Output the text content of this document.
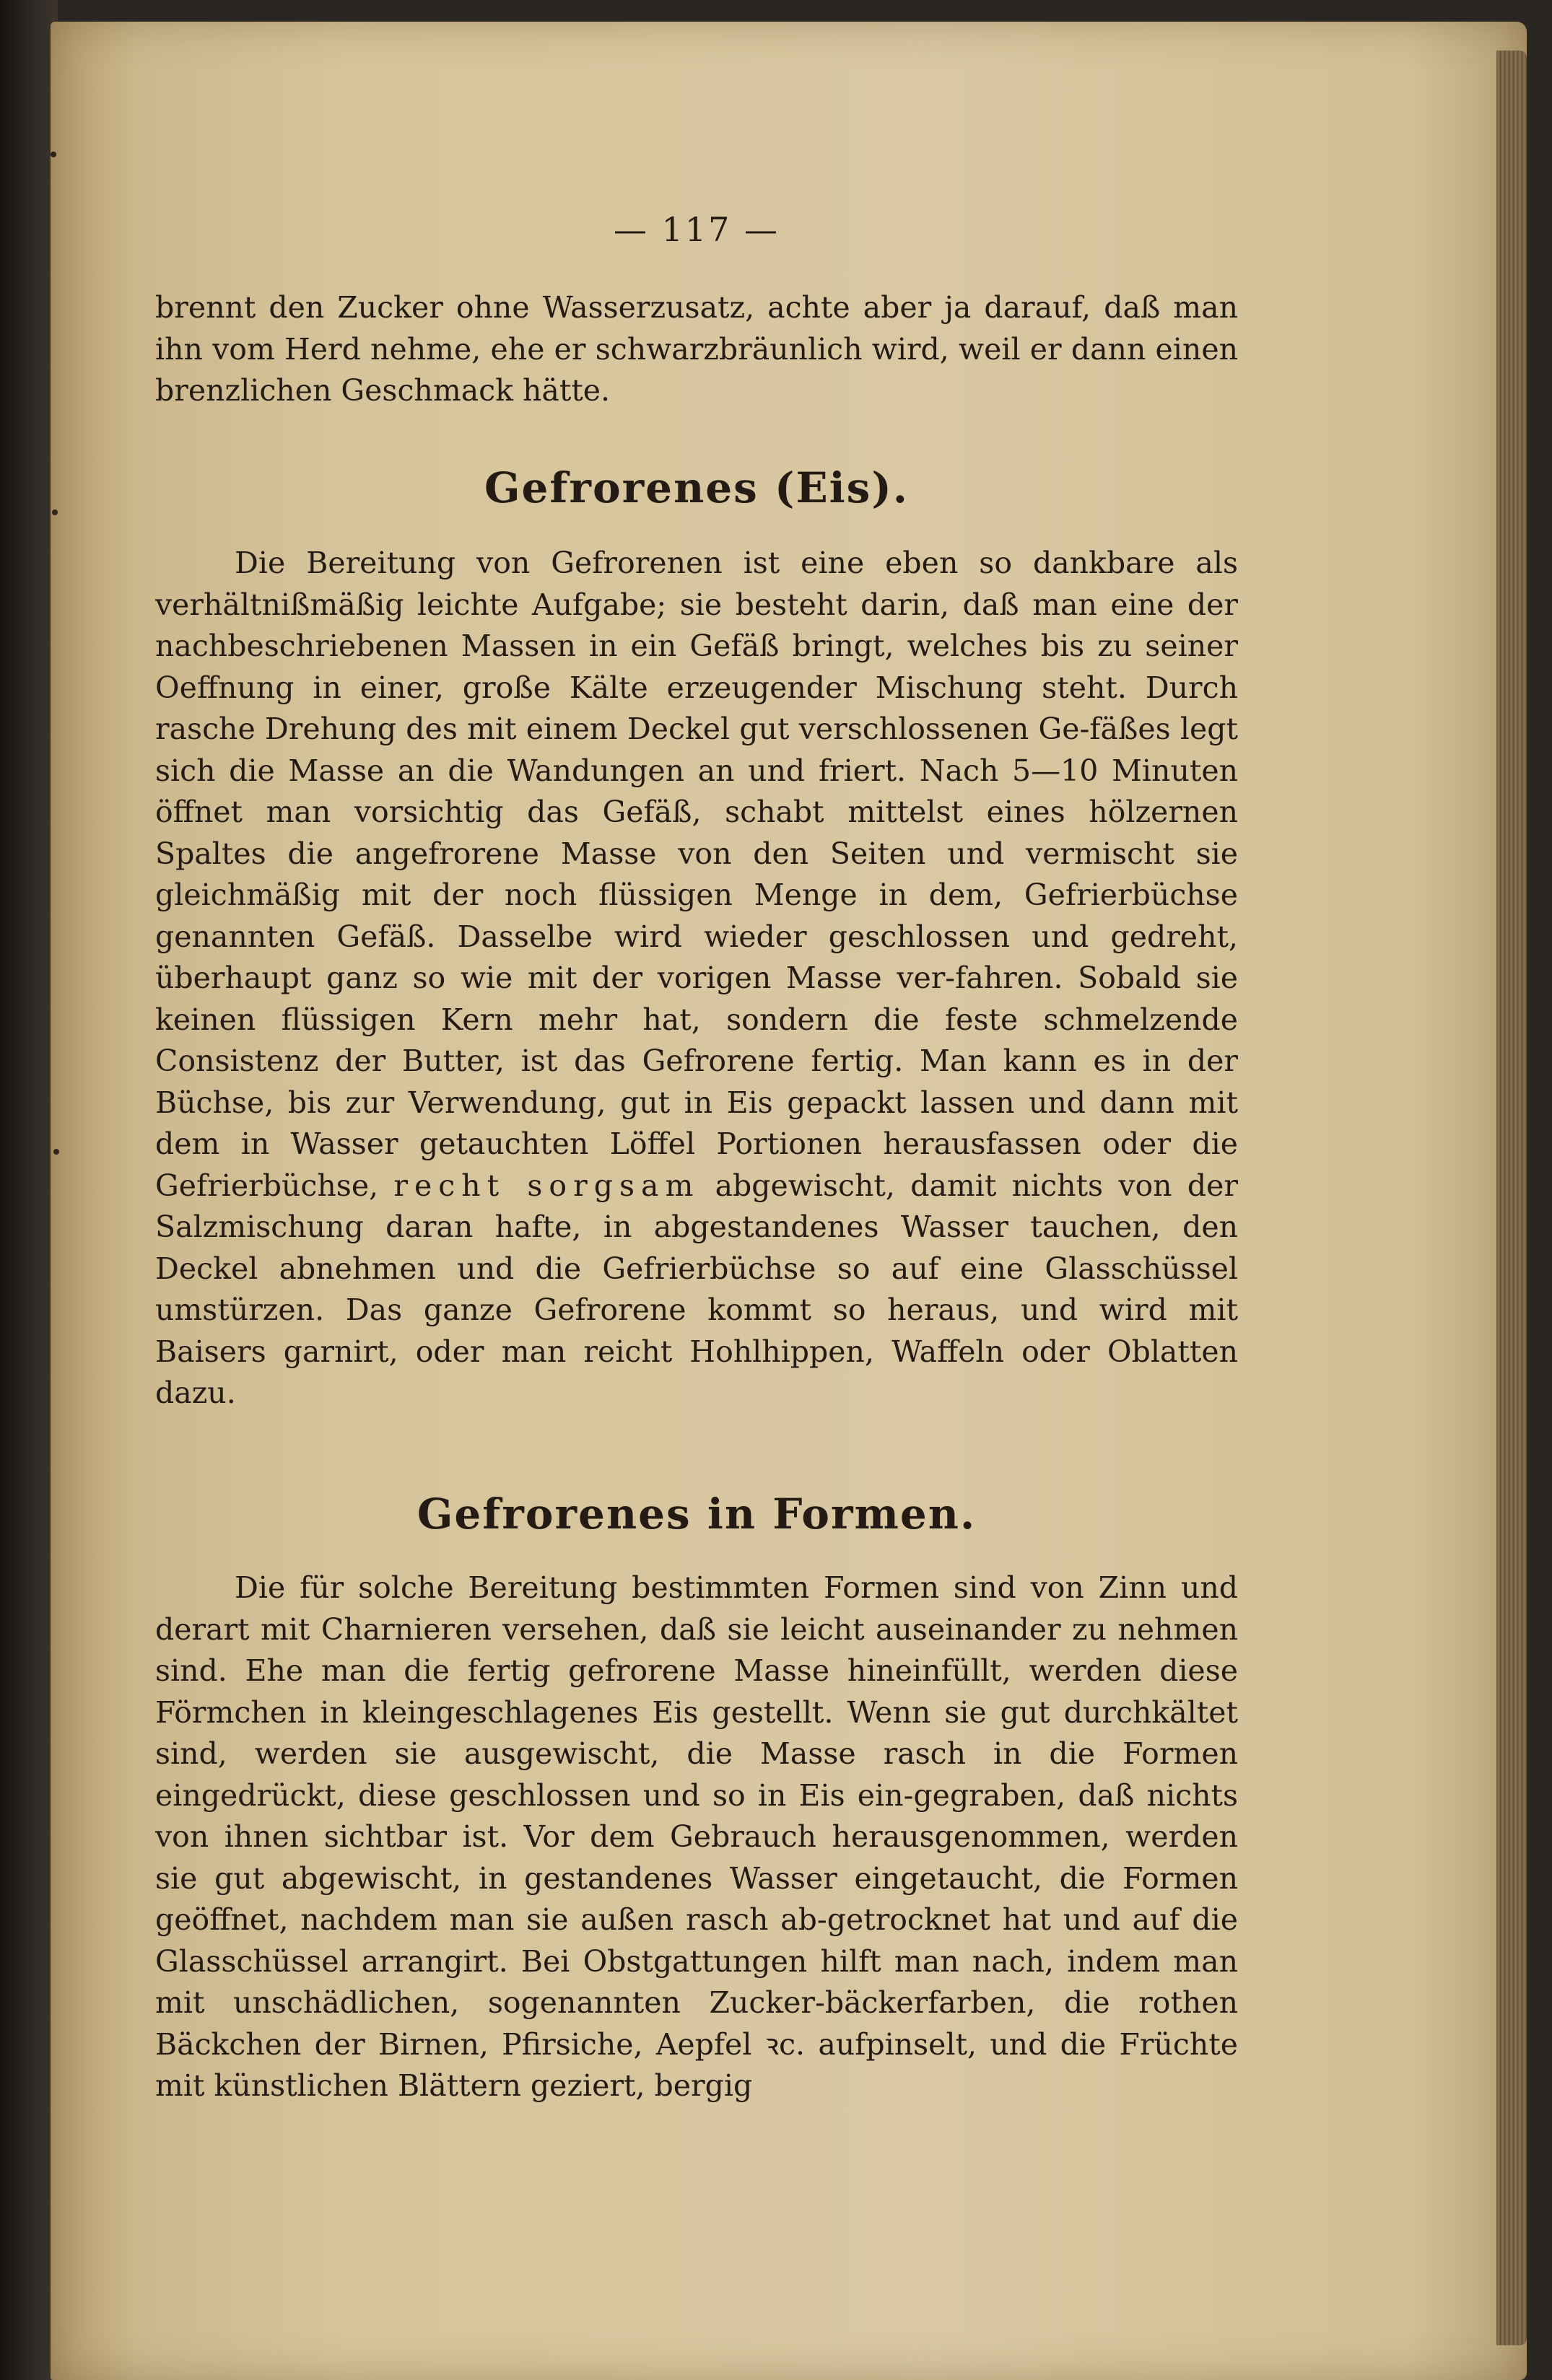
— 117 —

brennt den Zucker ohne Wasserzusatz, achte aber ja darauf, daß man ihn vom Herd nehme, ehe er schwarzbräunlich wird, weil er dann einen brenzlichen Geschmack hätte.

Gefrorenes (Eis).

Die Bereitung von Gefrorenen ist eine eben so dankbare als verhältnißmäßig leichte Aufgabe; sie besteht darin, daß man eine der nachbeschriebenen Massen in ein Gefäß bringt, welches bis zu seiner Oeffnung in einer, große Kälte erzeugender Mischung steht. Durch rasche Drehung des mit einem Deckel gut verschlossenen Ge-fäßes legt sich die Masse an die Wandungen an und friert. Nach 5—10 Minuten öffnet man vorsichtig das Gefäß, schabt mittelst eines hölzernen Spaltes die angefrorene Masse von den Seiten und vermischt sie gleichmäßig mit der noch flüssigen Menge in dem, Gefrierbüchse genannten Gefäß. Dasselbe wird wieder geschlossen und gedreht, überhaupt ganz so wie mit der vorigen Masse ver-fahren. Sobald sie keinen flüssigen Kern mehr hat, sondern die feste schmelzende Consistenz der Butter, ist das Gefrorene fertig. Man kann es in der Büchse, bis zur Verwendung, gut in Eis gepackt lassen und dann mit dem in Wasser getauchten Löffel Portionen herausfassen oder die Gefrierbüchse, recht sorgsam abgewischt, damit nichts von der Salzmischung daran hafte, in abgestandenes Wasser tauchen, den Deckel abnehmen und die Gefrierbüchse so auf eine Glasschüssel umstürzen. Das ganze Gefrorene kommt so heraus, und wird mit Baisers garnirt, oder man reicht Hohlhippen, Waffeln oder Oblatten dazu.

Gefrorenes in Formen.

Die für solche Bereitung bestimmten Formen sind von Zinn und derart mit Charnieren versehen, daß sie leicht auseinander zu nehmen sind. Ehe man die fertig gefrorene Masse hineinfüllt, werden diese Förmchen in kleingeschlagenes Eis gestellt. Wenn sie gut durchkältet sind, werden sie ausgewischt, die Masse rasch in die Formen eingedrückt, diese geschlossen und so in Eis ein-gegraben, daß nichts von ihnen sichtbar ist. Vor dem Gebrauch herausgenommen, werden sie gut abgewischt, in gestandenes Wasser eingetaucht, die Formen geöffnet, nachdem man sie außen rasch ab-getrocknet hat und auf die Glasschüssel arrangirt. Bei Obstgattungen hilft man nach, indem man mit unschädlichen, sogenannten Zucker-bäckerfarben, die rothen Bäckchen der Birnen, Pfirsiche, Aepfel ꝛc. aufpinselt, und die Früchte mit künstlichen Blättern geziert, bergig
